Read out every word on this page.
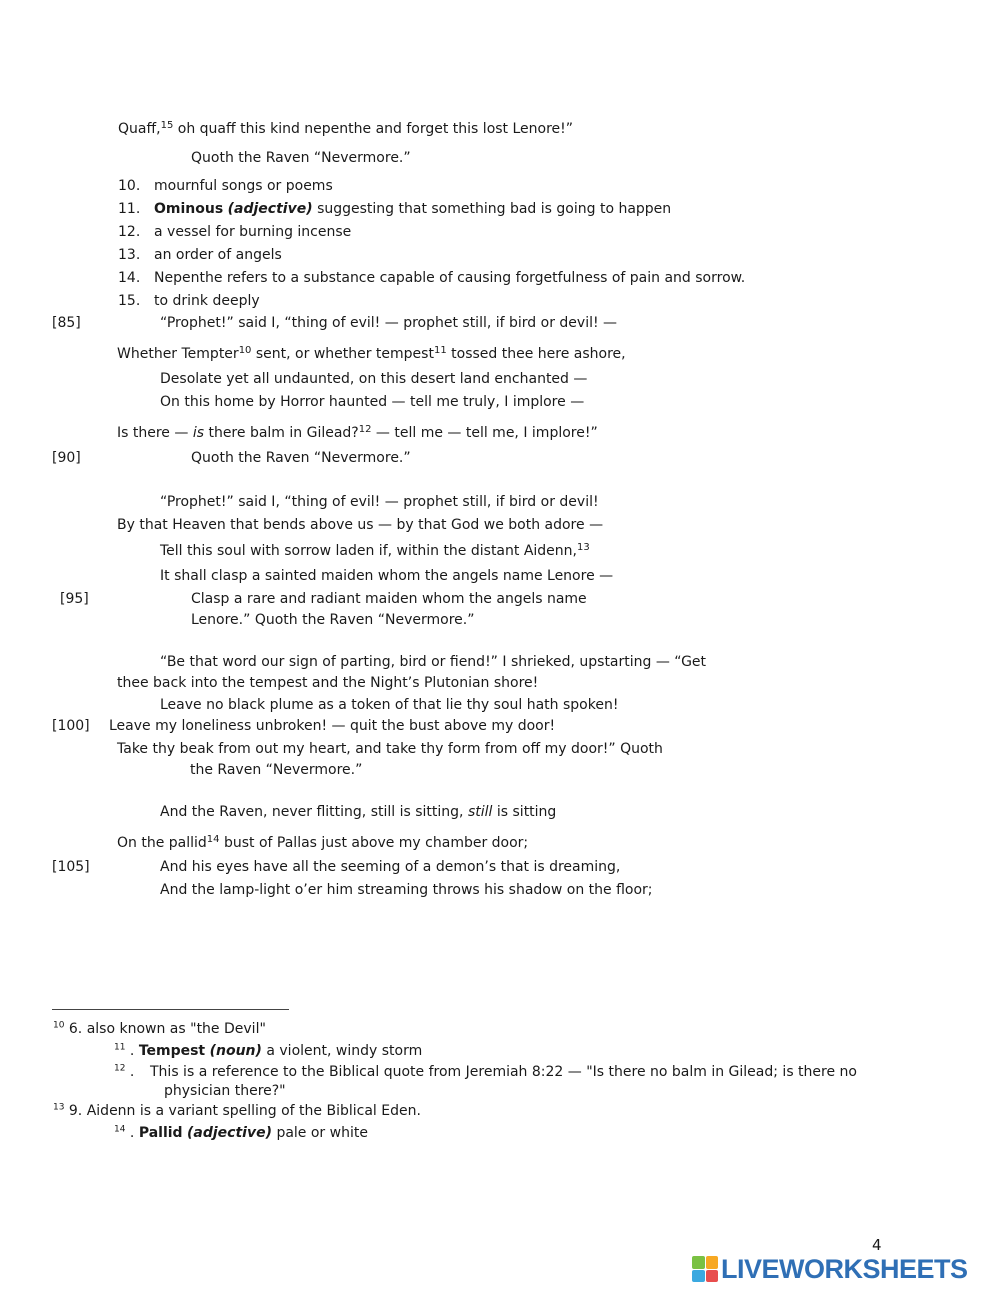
Quaff,$^{15}$ oh quaff this kind nepenthe and forget this lost Lenore!”
Quoth the Raven “Nevermore.”
10. mournful songs or poems
11. Ominous (adjective) suggesting that something bad is going to happen
12. a vessel for burning incense
13. an order of angels
14. Nepenthe refers to a substance capable of causing forgetfulness of pain and sorrow.
15. to drink deeply
[85]	“Prophet!” said I, “thing of evil! — prophet still, if bird or devil! —
Whether Tempter$^{10}$ sent, or whether tempest$^{11}$ tossed thee here ashore,
Desolate yet all undaunted, on this desert land enchanted —
On this home by Horror haunted — tell me truly, I implore —
Is there — is there balm in Gilead?$^{12}$ — tell me — tell me, I implore!”
[90]	Quoth the Raven “Nevermore.”
“Prophet!” said I, “thing of evil! — prophet still, if bird or devil!
By that Heaven that bends above us — by that God we both adore —
Tell this soul with sorrow laden if, within the distant Aidenn,$^{13}$
It shall clasp a sainted maiden whom the angels name Lenore —
[95]	Clasp a rare and radiant maiden whom the angels name
Lenore.” Quoth the Raven “Nevermore.”
“Be that word our sign of parting, bird or fiend!” I shrieked, upstarting — “Get
thee back into the tempest and the Night’s Plutonian shore!
Leave no black plume as a token of that lie thy soul hath spoken!
[100] Leave my loneliness unbroken! — quit the bust above my door!
Take thy beak from out my heart, and take thy form from off my door!” Quoth
the Raven “Nevermore.”
And the Raven, never flitting, still is sitting, still is sitting
On the pallid$^{14}$ bust of Pallas just above my chamber door;
[105]	And his eyes have all the seeming of a demon’s that is dreaming,
And the lamp-light o’er him streaming throws his shadow on the floor;
$^{10}$ 6. also known as "the Devil"
$^{11}$ . Tempest (noun) a violent, windy storm
$^{12}$ . This is a reference to the Biblical quote from Jeremiah 8:22 — "Is there no balm in Gilead; is there no
physician there?"
$^{13}$ 9. Aidenn is a variant spelling of the Biblical Eden.
$^{14}$ . Pallid (adjective) pale or white
4
LIVEWORKSHEETS
